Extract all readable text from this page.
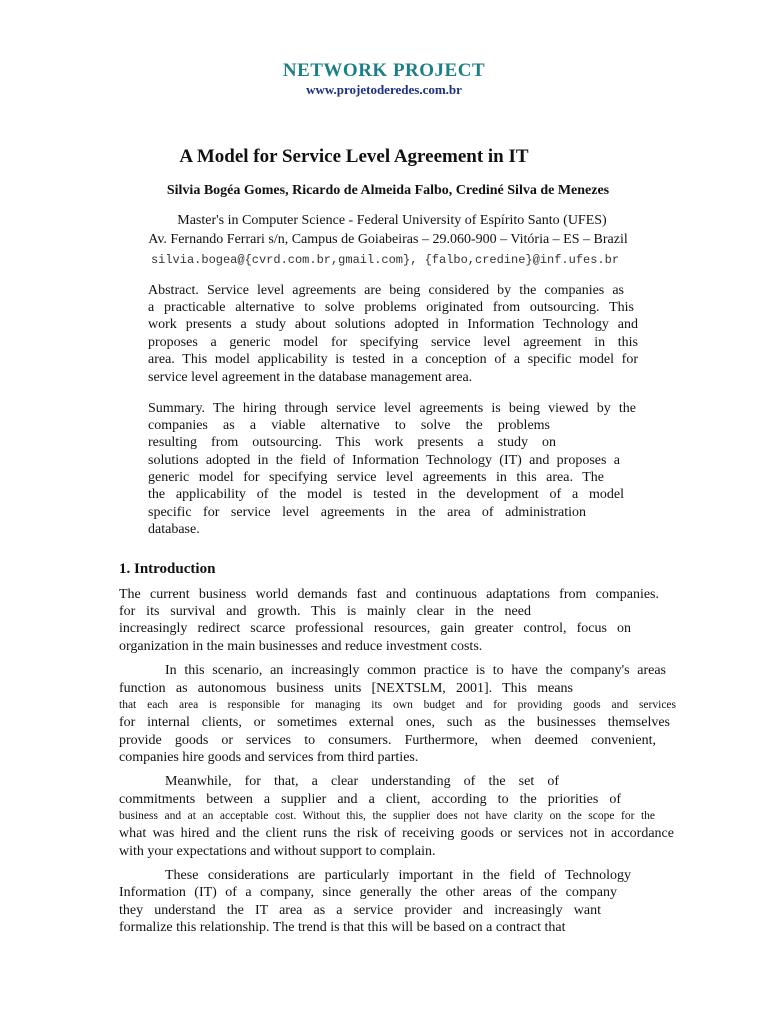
NETWORK PROJECT
www.projetoderedes.com.br
A Model for Service Level Agreement in IT
Silvia Bogéa Gomes, Ricardo de Almeida Falbo, Crediné Silva de Menezes
Master's in Computer Science - Federal University of Espírito Santo (UFES)
Av. Fernando Ferrari s/n, Campus de Goiabeiras – 29.060-900 – Vitória – ES – Brazil
silvia.bogea@{cvrd.com.br,gmail.com}, {falbo,credine}@inf.ufes.br
Abstract. Service level agreements are being considered by the companies as
a practicable alternative to solve problems originated from outsourcing. This
work presents a study about solutions adopted in Information Technology and
proposes a generic model for specifying service level agreement in this
area. This model applicability is tested in a conception of a specific model for
service level agreement in the database management area.
Summary. The hiring through service level agreements is being viewed by the
companies as a viable alternative to solve the problems
resulting from outsourcing. This work presents a study on
solutions adopted in the field of Information Technology (IT) and proposes a
generic model for specifying service level agreements in this area. The
the applicability of the model is tested in the development of a model
specific for service level agreements in the area of administration
database.
1. Introduction
The current business world demands fast and continuous adaptations from companies.
for its survival and growth. This is mainly clear in the need
increasingly redirect scarce professional resources, gain greater control, focus on
organization in the main businesses and reduce investment costs.
In this scenario, an increasingly common practice is to have the company's areas
function as autonomous business units [NEXTSLM, 2001]. This means
that each area is responsible for managing its own budget and for providing goods and services
for internal clients, or sometimes external ones, such as the businesses themselves
provide goods or services to consumers. Furthermore, when deemed convenient,
companies hire goods and services from third parties.
Meanwhile, for that, a clear understanding of the set of
commitments between a supplier and a client, according to the priorities of
business and at an acceptable cost. Without this, the supplier does not have clarity on the scope for the
what was hired and the client runs the risk of receiving goods or services not in accordance
with your expectations and without support to complain.
These considerations are particularly important in the field of Technology
Information (IT) of a company, since generally the other areas of the company
they understand the IT area as a service provider and increasingly want
formalize this relationship. The trend is that this will be based on a contract that
